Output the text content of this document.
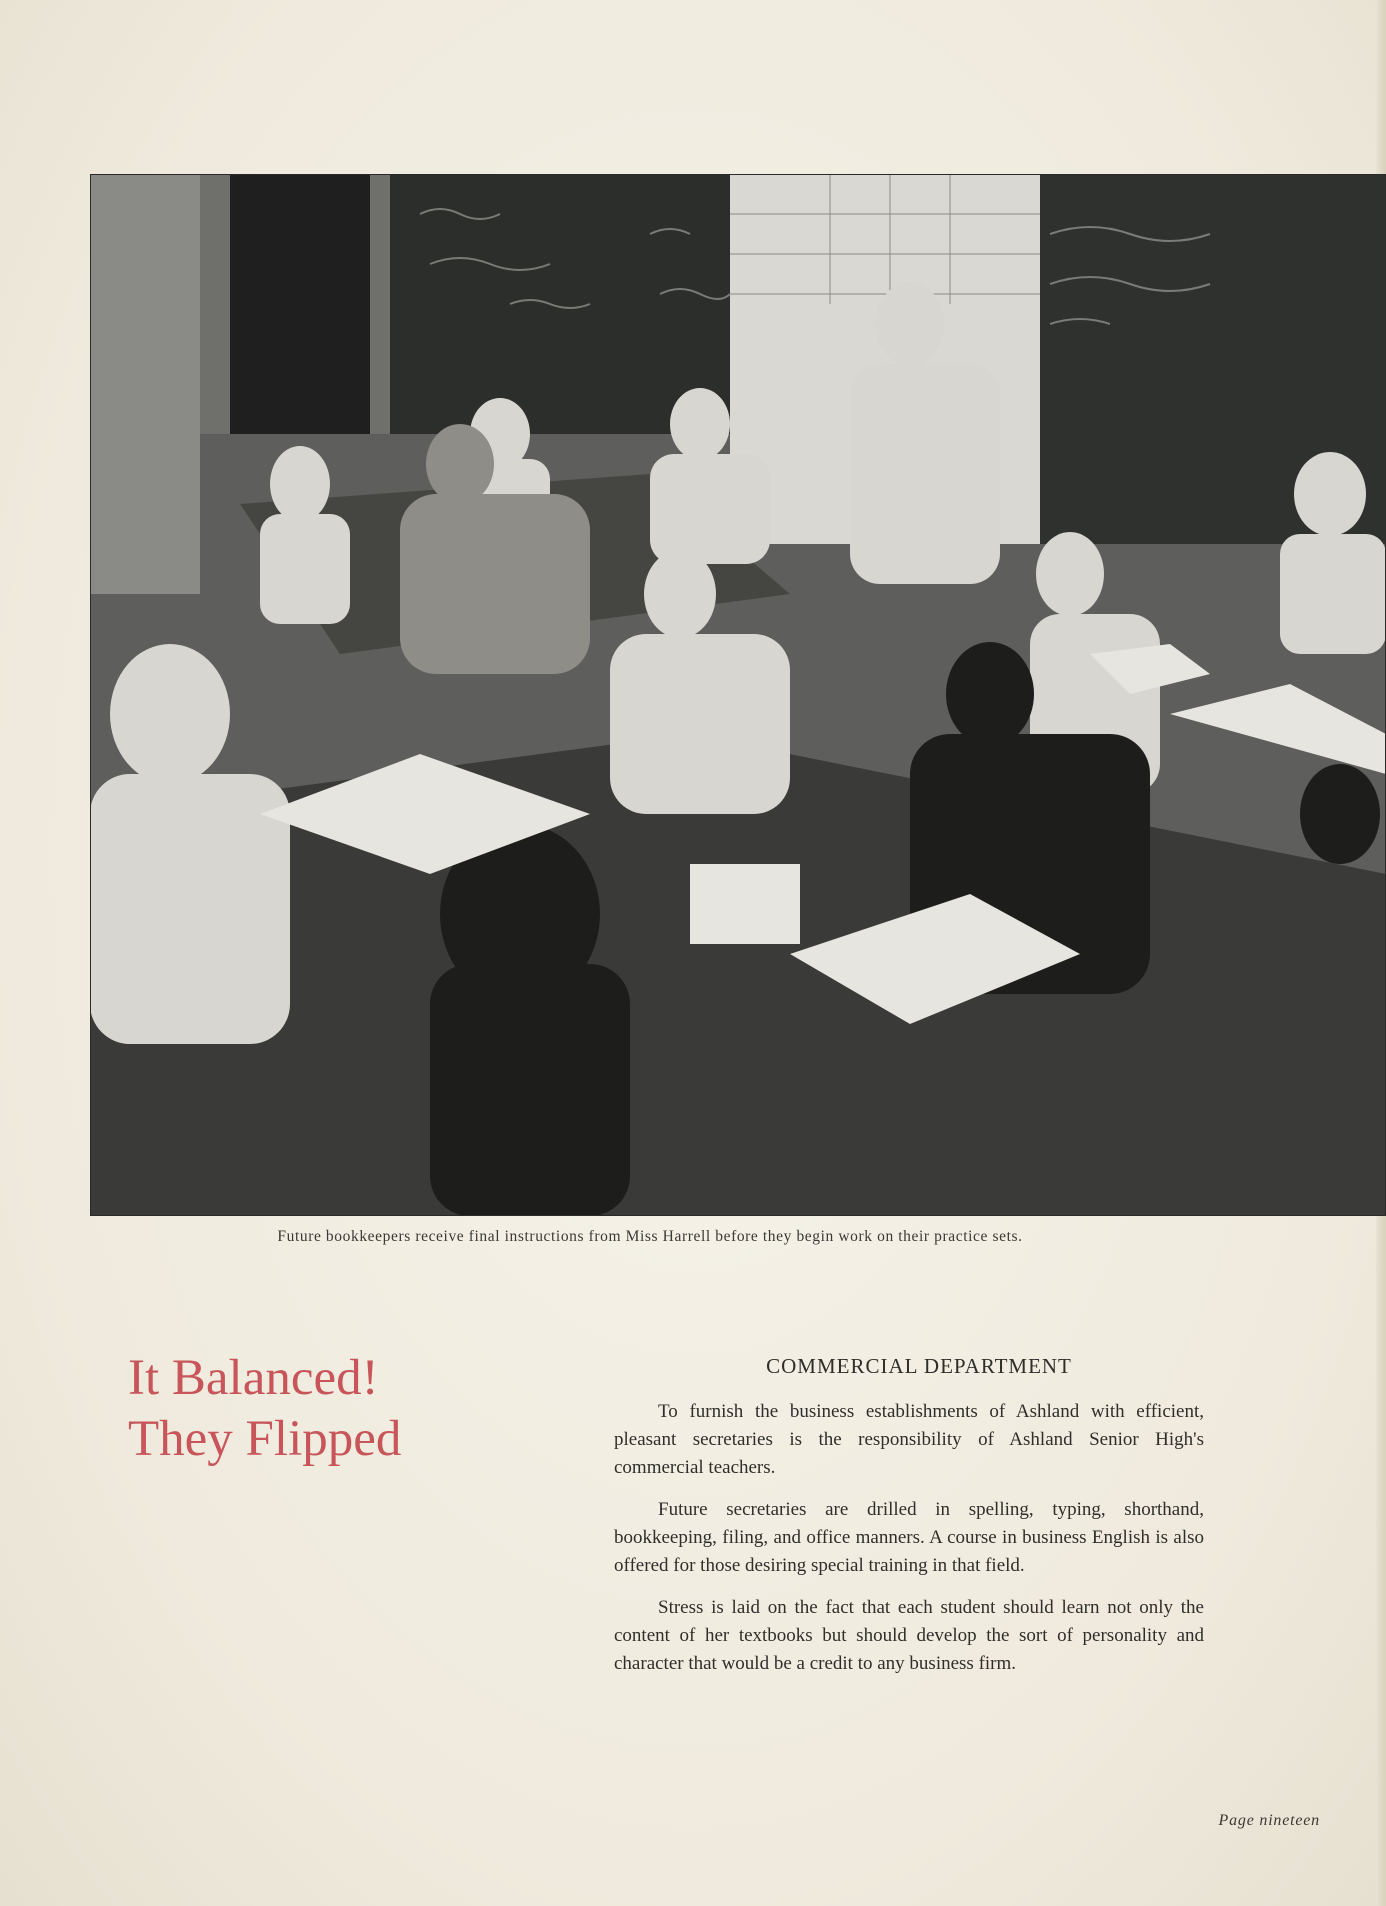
Future bookkeepers receive final instructions from Miss Harrell before they begin work on their practice sets.
It Balanced!
They Flipped
COMMERCIAL DEPARTMENT

To furnish the business establishments of Ashland with efficient, pleasant secretaries is the responsibility of Ashland Senior High's commercial teachers.

Future secretaries are drilled in spelling, typing, shorthand, bookkeeping, filing, and office manners. A course in business English is also offered for those desiring special training in that field.

Stress is laid on the fact that each student should learn not only the content of her textbooks but should develop the sort of personality and character that would be a credit to any business firm.

Page nineteen
